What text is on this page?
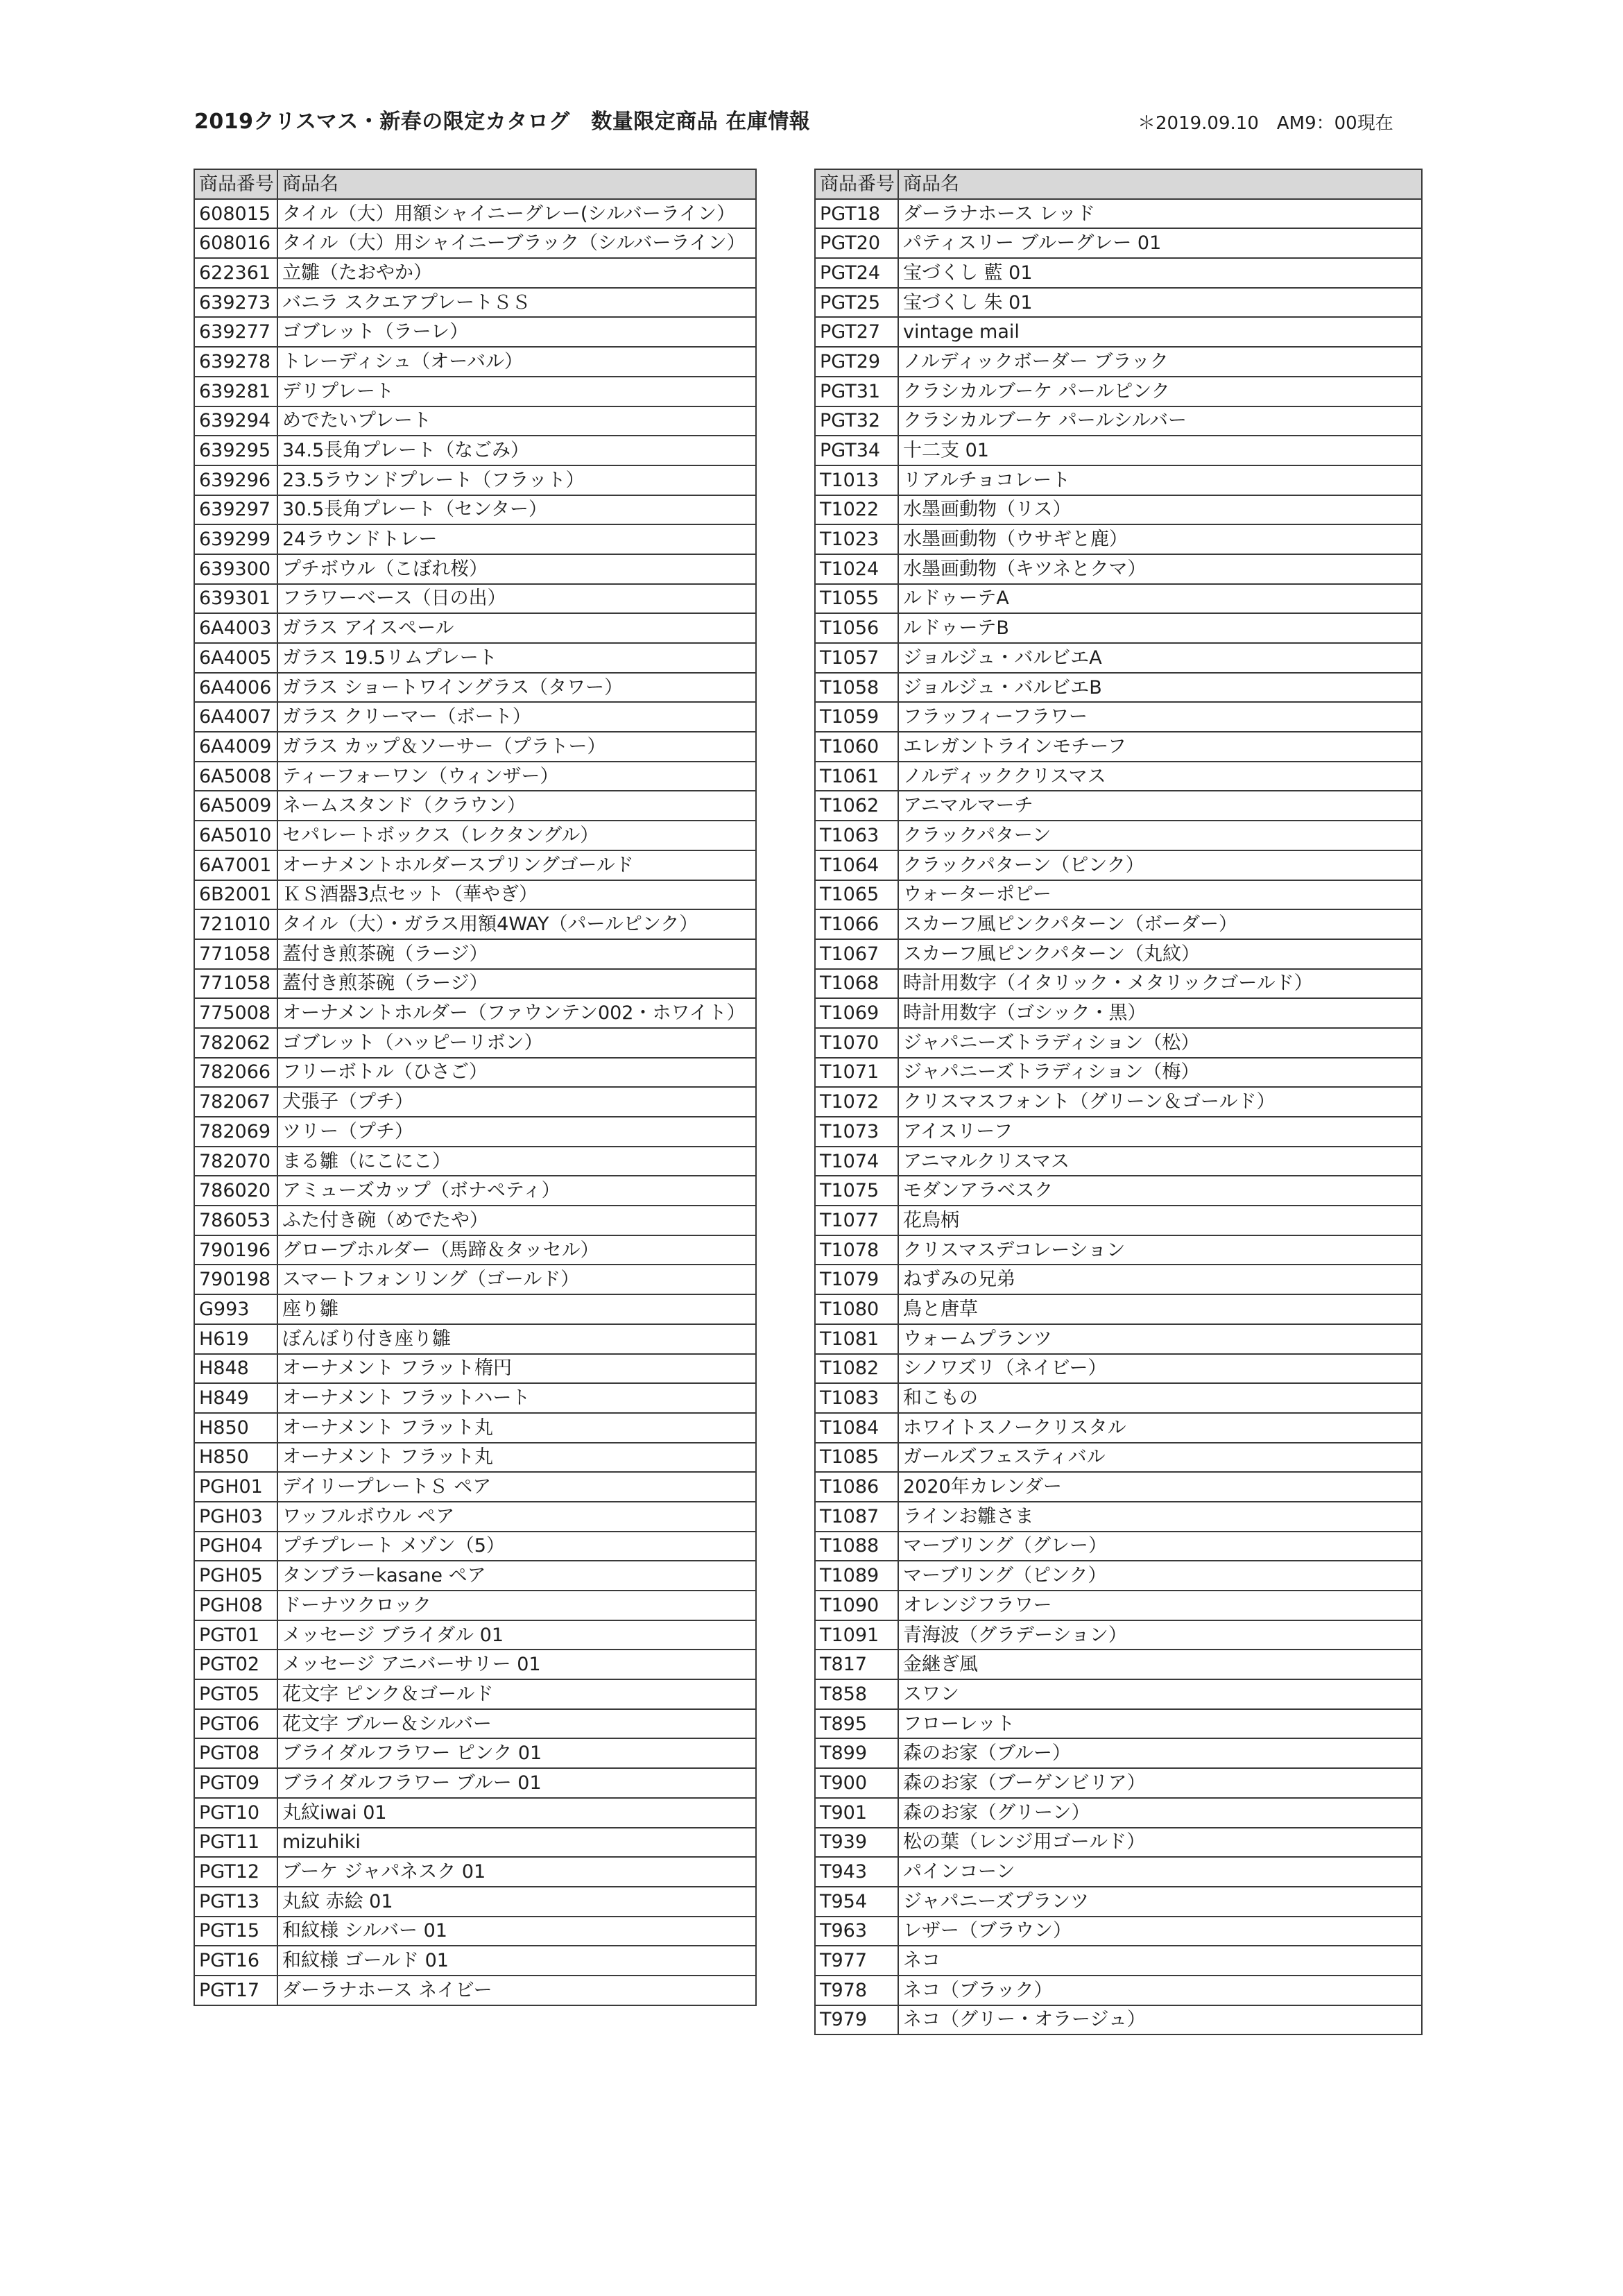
2019クリスマス・新春の限定カタログ　数量限定商品 在庫情報	＊2019.09.10　AM9：00現在
商品番号	商品名
608015	タイル（大）用額シャイニーグレー(シルバーライン）
608016	タイル（大）用シャイニーブラック（シルバーライン）
622361	立雛（たおやか）
639273	バニラ スクエアプレートＳＳ
639277	ゴブレット（ラーレ）
639278	トレーディシュ（オーバル）
639281	デリプレート
639294	めでたいプレート
639295	34.5長角プレート（なごみ）
639296	23.5ラウンドプレート（フラット）
639297	30.5長角プレート（センター）
639299	24ラウンドトレー
639300	プチボウル（こぼれ桜）
639301	フラワーベース（日の出）
6A4003	ガラス アイスペール
6A4005	ガラス 19.5リムプレート
6A4006	ガラス ショートワイングラス（タワー）
6A4007	ガラス クリーマー（ボート）
6A4009	ガラス カップ＆ソーサー（プラトー）
6A5008	ティーフォーワン（ウィンザー）
6A5009	ネームスタンド（クラウン）
6A5010	セパレートボックス（レクタングル）
6A7001	オーナメントホルダースプリングゴールド
6B2001	ＫＳ酒器3点セット（華やぎ）
721010	タイル（大）・ガラス用額4WAY（パールピンク）
771058	蓋付き煎茶碗（ラージ）
771058	蓋付き煎茶碗（ラージ）
775008	オーナメントホルダー（ファウンテン002・ホワイト）
782062	ゴブレット（ハッピーリボン）
782066	フリーボトル（ひさご）
782067	犬張子（プチ）
782069	ツリー（プチ）
782070	まる雛（にこにこ）
786020	アミューズカップ（ボナペティ）
786053	ふた付き碗（めでたや）
790196	グローブホルダー（馬蹄＆タッセル）
790198	スマートフォンリング（ゴールド）
G993	座り雛
H619	ぼんぼり付き座り雛
H848	オーナメント フラット楕円
H849	オーナメント フラットハート
H850	オーナメント フラット丸
H850	オーナメント フラット丸
PGH01	デイリープレートＳ ペア
PGH03	ワッフルボウル ペア
PGH04	プチプレート メゾン（5）
PGH05	タンブラーkasane ペア
PGH08	ドーナツクロック
PGT01	メッセージ ブライダル 01
PGT02	メッセージ アニバーサリー 01
PGT05	花文字 ピンク＆ゴールド
PGT06	花文字 ブルー＆シルバー
PGT08	ブライダルフラワー ピンク 01
PGT09	ブライダルフラワー ブルー 01
PGT10	丸紋iwai 01
PGT11	mizuhiki
PGT12	ブーケ ジャパネスク 01
PGT13	丸紋 赤絵 01
PGT15	和紋様 シルバー 01
PGT16	和紋様 ゴールド 01
PGT17	ダーラナホース ネイビー
商品番号	商品名
PGT18	ダーラナホース レッド
PGT20	パティスリー ブルーグレー 01
PGT24	宝づくし 藍 01
PGT25	宝づくし 朱 01
PGT27	vintage mail
PGT29	ノルディックボーダー ブラック
PGT31	クラシカルブーケ パールピンク
PGT32	クラシカルブーケ パールシルバー
PGT34	十二支 01
T1013	リアルチョコレート
T1022	水墨画動物（リス）
T1023	水墨画動物（ウサギと鹿）
T1024	水墨画動物（キツネとクマ）
T1055	ルドゥーテA
T1056	ルドゥーテB
T1057	ジョルジュ・バルビエA
T1058	ジョルジュ・バルビエB
T1059	フラッフィーフラワー
T1060	エレガントラインモチーフ
T1061	ノルディッククリスマス
T1062	アニマルマーチ
T1063	クラックパターン
T1064	クラックパターン（ピンク）
T1065	ウォーターポピー
T1066	スカーフ風ピンクパターン（ボーダー）
T1067	スカーフ風ピンクパターン（丸紋）
T1068	時計用数字（イタリック・メタリックゴールド）
T1069	時計用数字（ゴシック・黒）
T1070	ジャパニーズトラディション（松）
T1071	ジャパニーズトラディション（梅）
T1072	クリスマスフォント（グリーン＆ゴールド）
T1073	アイスリーフ
T1074	アニマルクリスマス
T1075	モダンアラベスク
T1077	花鳥柄
T1078	クリスマスデコレーション
T1079	ねずみの兄弟
T1080	鳥と唐草
T1081	ウォームプランツ
T1082	シノワズリ（ネイビー）
T1083	和こもの
T1084	ホワイトスノークリスタル
T1085	ガールズフェスティバル
T1086	2020年カレンダー
T1087	ラインお雛さま
T1088	マーブリング（グレー）
T1089	マーブリング（ピンク）
T1090	オレンジフラワー
T1091	青海波（グラデーション）
T817	金継ぎ風
T858	スワン
T895	フローレット
T899	森のお家（ブルー）
T900	森のお家（ブーゲンビリア）
T901	森のお家（グリーン）
T939	松の葉（レンジ用ゴールド）
T943	パインコーン
T954	ジャパニーズプランツ
T963	レザー（ブラウン）
T977	ネコ
T978	ネコ（ブラック）
T979	ネコ（グリー・オラージュ）
